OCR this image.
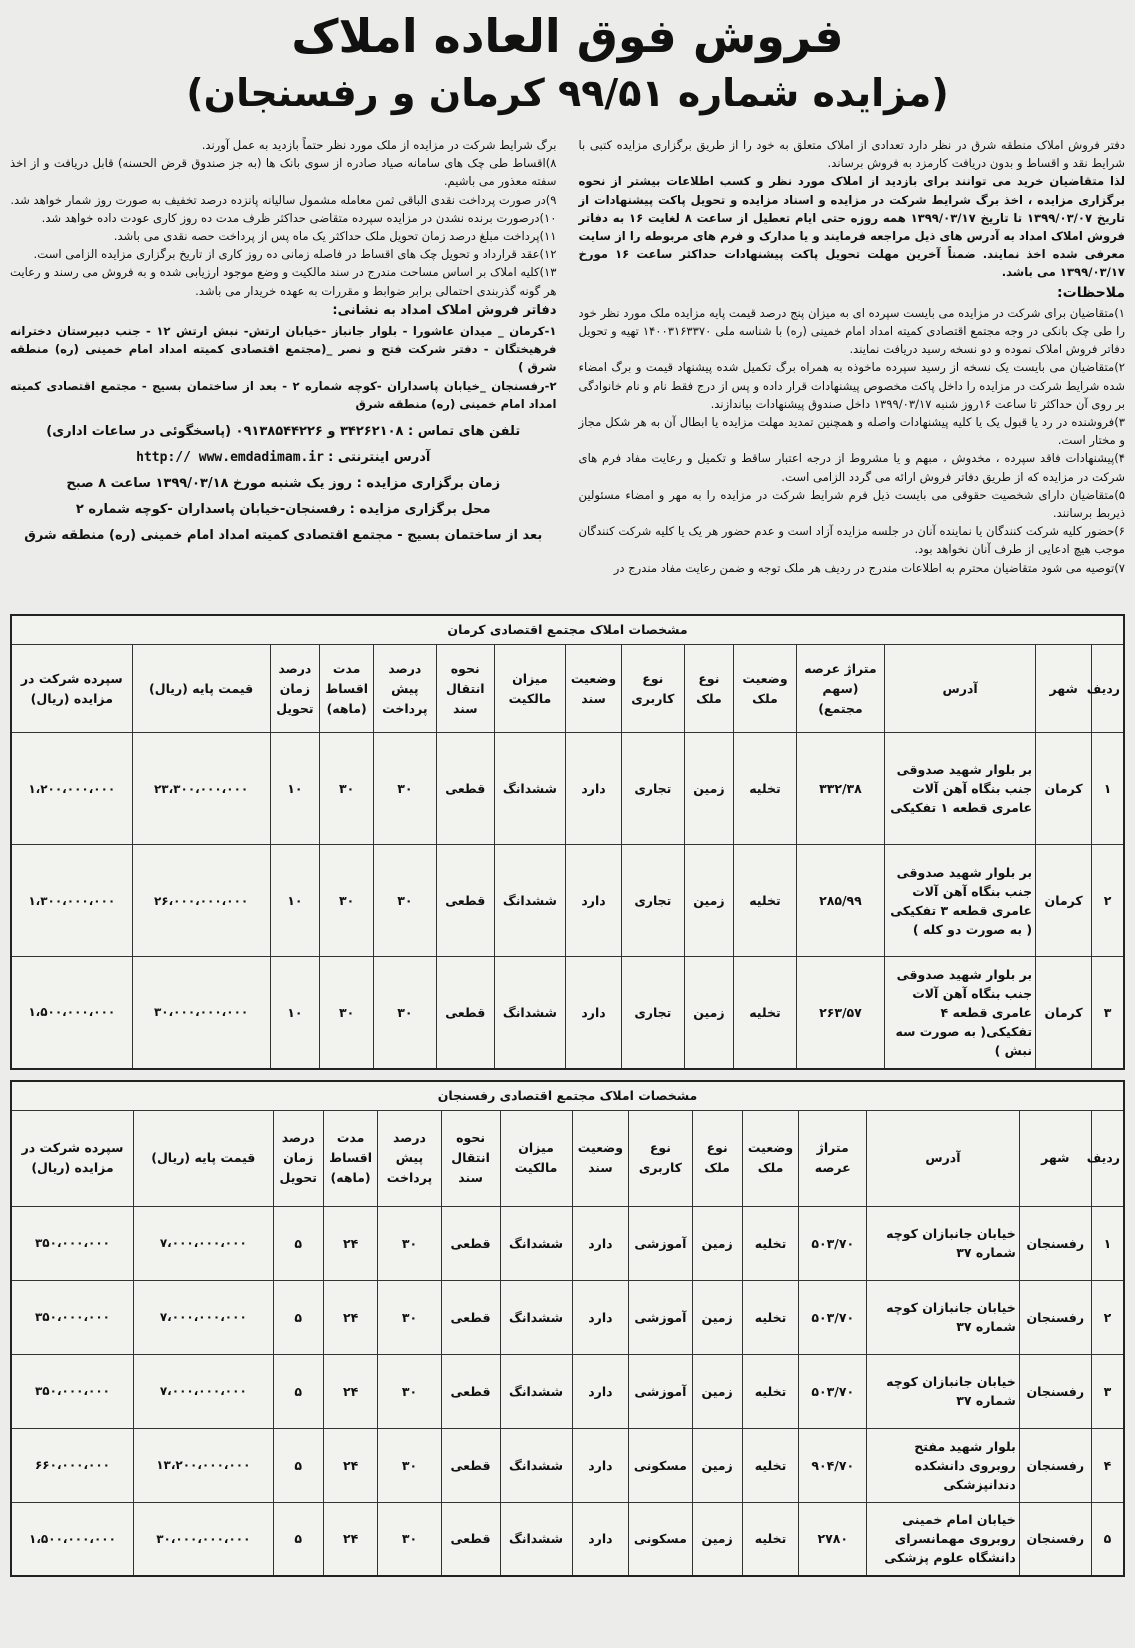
فروش فوق العاده املاک
(مزایده شماره ۹۹/۵۱ کرمان و رفسنجان)

دفتر فروش املاک منطقه شرق در نظر دارد تعدادی از املاک متعلق به خود را از طریق برگزاری مزایده کتبی با شرایط نقد و اقساط و بدون دریافت کارمزد به فروش برساند.

لذا متقاضیان خرید می توانند برای بازدید از املاک مورد نظر و کسب اطلاعات بیشتر از نحوه برگزاری مزایده ، اخذ برگ شرایط شرکت در مزایده و اسناد مزایده و تحویل پاکت پیشنهادات از تاریخ ۱۳۹۹/۰۳/۰۷ تا تاریخ ۱۳۹۹/۰۳/۱۷ همه روزه حتی ایام تعطیل از ساعت ۸ لغایت ۱۶ به دفاتر فروش املاک امداد به آدرس های ذیل مراجعه فرمایند و یا مدارک و فرم های مربوطه را از سایت معرفی شده اخذ نمایند. ضمناً آخرین مهلت تحویل پاکت پیشنهادات حداکثر ساعت ۱۶ مورخ ۱۳۹۹/۰۳/۱۷ می باشد.

ملاحظات:

۱)متقاضیان برای شرکت در مزایده می بایست سپرده ای به میزان پنج درصد قیمت پایه مزایده ملک مورد نظر خود را طی چک بانکی در وجه مجتمع اقتصادی کمیته امداد امام خمینی (ره) با شناسه ملی ۱۴۰۰۳۱۶۳۳۷۰ تهیه و تحویل دفاتر فروش املاک نموده و دو نسخه رسید دریافت نمایند.

۲)متقاضیان می بایست یک نسخه از رسید سپرده ماخوذه به همراه برگ تکمیل شده پیشنهاد قیمت و برگ امضاء شده شرایط شرکت در مزایده را داخل پاکت مخصوص پیشنهادات قرار داده و پس از درج فقط نام و نام خانوادگی بر روی آن حداکثر تا ساعت ۱۶روز شنبه ۱۳۹۹/۰۳/۱۷ داخل صندوق پیشنهادات بیاندازند.

۳)فروشنده در رد یا قبول یک یا کلیه پیشنهادات واصله و همچنین تمدید مهلت مزایده یا ابطال آن به هر شکل مجاز و مختار است.

۴)پیشنهادات فاقد سپرده ، مخدوش ، مبهم و یا مشروط از درجه اعتبار ساقط و تکمیل و رعایت مفاد فرم های شرکت در مزایده که از طریق دفاتر فروش ارائه می گردد الزامی است.

۵)متقاضیان دارای شخصیت حقوقی می بایست ذیل فرم شرایط شرکت در مزایده را به مهر و امضاء مسئولین ذیربط برسانند.

۶)حضور کلیه شرکت کنندگان یا نماینده آنان در جلسه مزایده آزاد است و عدم حضور هر یک یا کلیه شرکت کنندگان موجب هیچ ادعایی از طرف آنان نخواهد بود.

۷)توصیه می شود متقاضیان محترم به اطلاعات مندرج در ردیف هر ملک توجه و ضمن رعایت مفاد مندرج در

برگ شرایط شرکت در مزایده از ملک مورد نظر حتماً بازدید به عمل آورند.

۸)اقساط طی چک های سامانه صیاد صادره از سوی بانک ها (به جز صندوق قرض الحسنه) قابل دریافت و از اخذ سفته معذور می باشیم.

۹)در صورت پرداخت نقدی الباقی ثمن معامله مشمول سالیانه پانزده درصد تخفیف به صورت روز شمار خواهد شد.

۱۰)درصورت برنده نشدن در مزایده سپرده متقاضی حداکثر ظرف مدت ده روز کاری عودت داده خواهد شد.

۱۱)پرداخت مبلغ درصد زمان تحویل ملک حداکثر یک ماه پس از پرداخت حصه نقدی می باشد.

۱۲)عقد قرارداد و تحویل چک های اقساط در فاصله زمانی ده روز کاری از تاریخ برگزاری مزایده الزامی است.

۱۳)کلیه املاک بر اساس مساحت مندرج در سند مالکیت و وضع موجود ارزیابی شده و به فروش می رسند و رعایت هر گونه گذربندی احتمالی برابر ضوابط و مقررات به عهده خریدار می باشد.

دفاتر فروش املاک امداد به نشانی:

۱-کرمان _ میدان عاشورا - بلوار جانباز -خیابان ارتش- نبش ارتش ۱۲ - جنب دبیرستان دخترانه فرهیختگان - دفتر شرکت فتح و نصر _(مجتمع اقتصادی کمیته امداد امام خمینی (ره) منطقه شرق )

۲-رفسنجان _خیابان پاسداران -کوچه شماره ۲ - بعد از ساختمان بسیج - مجتمع اقتصادی کمیته امداد امام خمینی (ره) منطقه شرق

تلفن های تماس : ۳۴۲۶۲۱۰۸ و ۰۹۱۳۸۵۴۴۲۲۶ (پاسخگوئی در ساعات اداری)
آدرس اینترنتی : http:// www.emdadimam.ir
زمان برگزاری مزایده : روز یک شنبه مورخ ۱۳۹۹/۰۳/۱۸ ساعت ۸ صبح
محل برگزاری مزایده : رفسنجان-خیابان پاسداران -کوچه شماره ۲
بعد از ساختمان بسیج - مجتمع اقتصادی کمیته امداد امام خمینی (ره) منطقه شرق
مشخصات املاک مجتمع اقتصادی کرمان														
ردیف	شهر	آدرس	متراژ عرصه (سهم مجتمع)	وضعیت ملک	نوع ملک	نوع کاربری	وضعیت سند	میزان مالکیت	نحوه انتقال سند	درصد پیش پرداخت	مدت اقساط (ماهه)	درصد زمان تحویل	قیمت پایه (ریال)	سپرده شرکت در مزایده (ریال)
۱	کرمان	بر بلوار شهید صدوقی جنب بنگاه آهن آلات عامری قطعه ۱ تفکیکی	۳۳۲/۳۸	تخلیه	زمین	تجاری	دارد	ششدانگ	قطعی	۳۰	۳۰	۱۰	۲۳،۳۰۰،۰۰۰،۰۰۰	۱،۲۰۰،۰۰۰،۰۰۰
۲	کرمان	بر بلوار شهید صدوقی جنب بنگاه آهن آلات عامری قطعه ۳ تفکیکی ( به صورت دو کله )	۲۸۵/۹۹	تخلیه	زمین	تجاری	دارد	ششدانگ	قطعی	۳۰	۳۰	۱۰	۲۶،۰۰۰،۰۰۰،۰۰۰	۱،۳۰۰،۰۰۰،۰۰۰
۳	کرمان	بر بلوار شهید صدوقی جنب بنگاه آهن آلات عامری قطعه ۴ تفکیکی( به صورت سه نبش )	۲۶۳/۵۷	تخلیه	زمین	تجاری	دارد	ششدانگ	قطعی	۳۰	۳۰	۱۰	۳۰،۰۰۰،۰۰۰،۰۰۰	۱،۵۰۰،۰۰۰،۰۰۰
مشخصات املاک مجتمع اقتصادی رفسنجان														
ردیف	شهر	آدرس	متراژ عرصه	وضعیت ملک	نوع ملک	نوع کاربری	وضعیت سند	میزان مالکیت	نحوه انتقال سند	درصد پیش پرداخت	مدت اقساط (ماهه)	درصد زمان تحویل	قیمت پایه (ریال)	سپرده شرکت در مزایده (ریال)
۱	رفسنجان	خیابان جانبازان کوچه شماره ۳۷	۵۰۳/۷۰	تخلیه	زمین	آموزشی	دارد	ششدانگ	قطعی	۳۰	۲۴	۵	۷،۰۰۰،۰۰۰،۰۰۰	۳۵۰،۰۰۰،۰۰۰
۲	رفسنجان	خیابان جانبازان کوچه شماره ۳۷	۵۰۳/۷۰	تخلیه	زمین	آموزشی	دارد	ششدانگ	قطعی	۳۰	۲۴	۵	۷،۰۰۰،۰۰۰،۰۰۰	۳۵۰،۰۰۰،۰۰۰
۳	رفسنجان	خیابان جانبازان کوچه شماره ۳۷	۵۰۳/۷۰	تخلیه	زمین	آموزشی	دارد	ششدانگ	قطعی	۳۰	۲۴	۵	۷،۰۰۰،۰۰۰،۰۰۰	۳۵۰،۰۰۰،۰۰۰
۴	رفسنجان	بلوار شهید مفتح روبروی دانشکده دندانپزشکی	۹۰۴/۷۰	تخلیه	زمین	مسکونی	دارد	ششدانگ	قطعی	۳۰	۲۴	۵	۱۳،۲۰۰،۰۰۰،۰۰۰	۶۶۰،۰۰۰،۰۰۰
۵	رفسنجان	خیابان امام خمینی روبروی مهمانسرای دانشگاه علوم پزشکی	۲۷۸۰	تخلیه	زمین	مسکونی	دارد	ششدانگ	قطعی	۳۰	۲۴	۵	۳۰،۰۰۰،۰۰۰،۰۰۰	۱،۵۰۰،۰۰۰،۰۰۰
